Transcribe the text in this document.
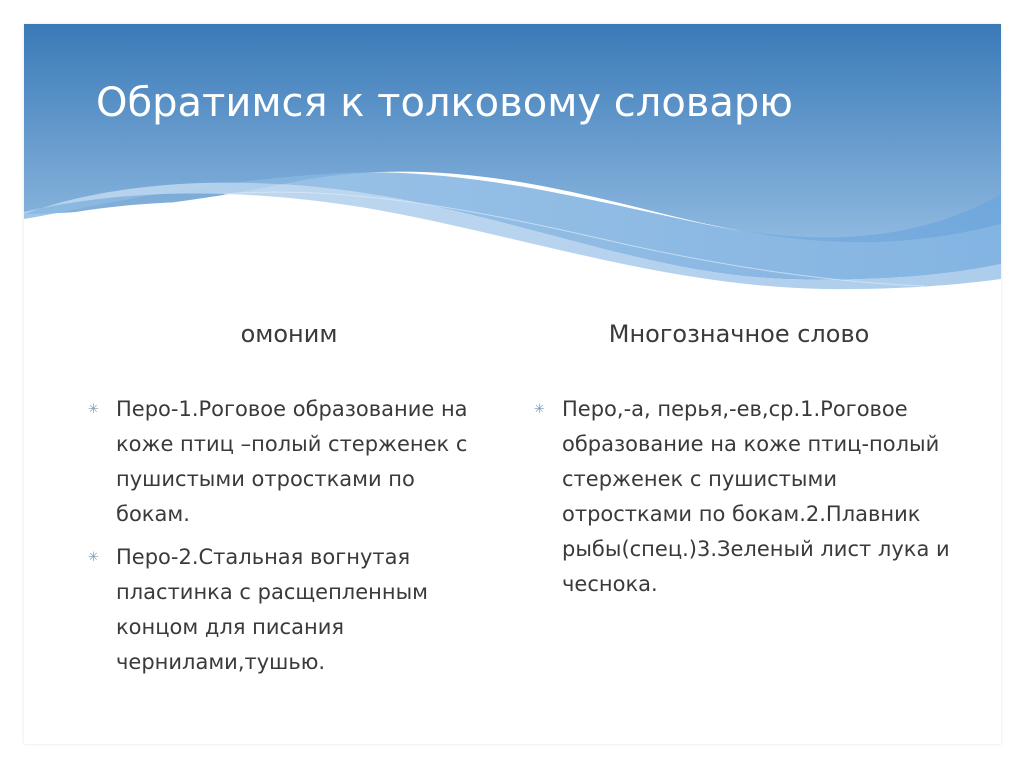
Обратимся к толковому словарю
омоним	Многозначное слово
✳ Перо-1.Роговое образование на коже птиц –полый стерженек с пушистыми отростками по бокам.
✳ Перо-2.Стальная вогнутая пластинка с расщепленным концом для писания чернилами,тушью.
✳ Перо,-а, перья,-ев,ср.1.Роговое образование на коже птиц-полый стерженек с пушистыми отростками по бокам.2.Плавник рыбы(спец.)3.Зеленый лист лука и чеснока.
